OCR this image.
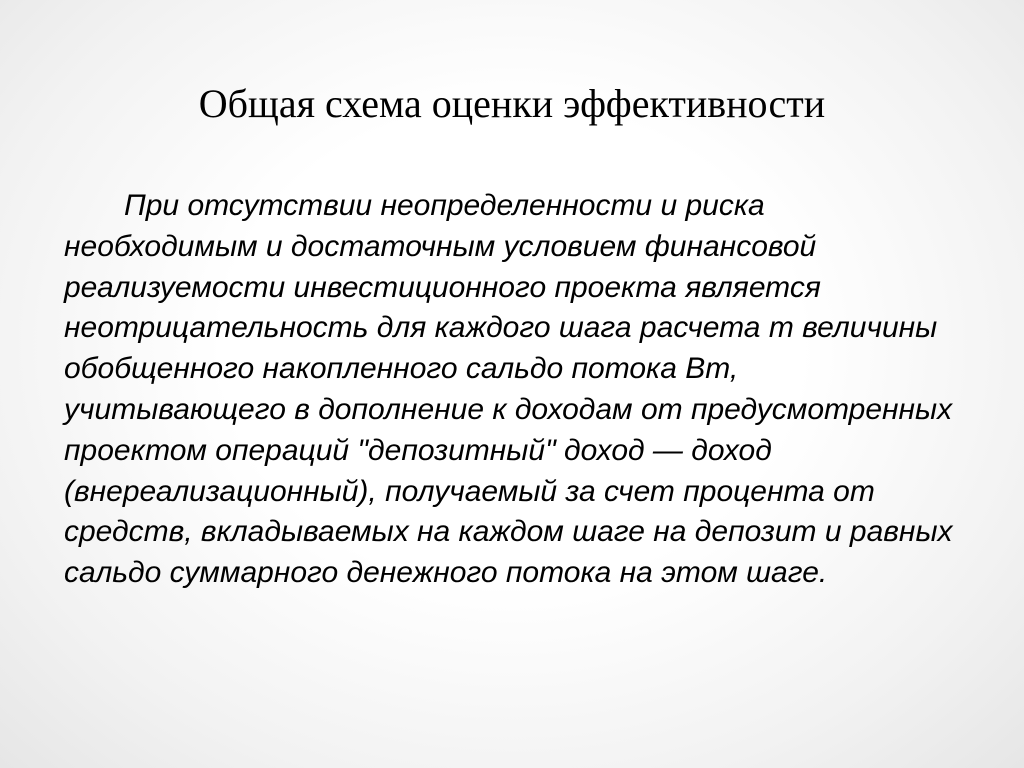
Общая схема оценки эффективности

При отсутствии неопределенности и риска необходимым и достаточным условием финансовой реализуемости инвестиционного проекта является неотрицательность для каждого шага расчета m величины обобщенного накопленного сальдо потока Вт, учитывающего в дополнение к доходам от предусмотренных проектом операций "депозитный" доход — доход (внереализационный), получаемый за счет процента от средств, вкладываемых на каждом шаге на депозит и равных сальдо суммарного денежного потока на этом шаге.
